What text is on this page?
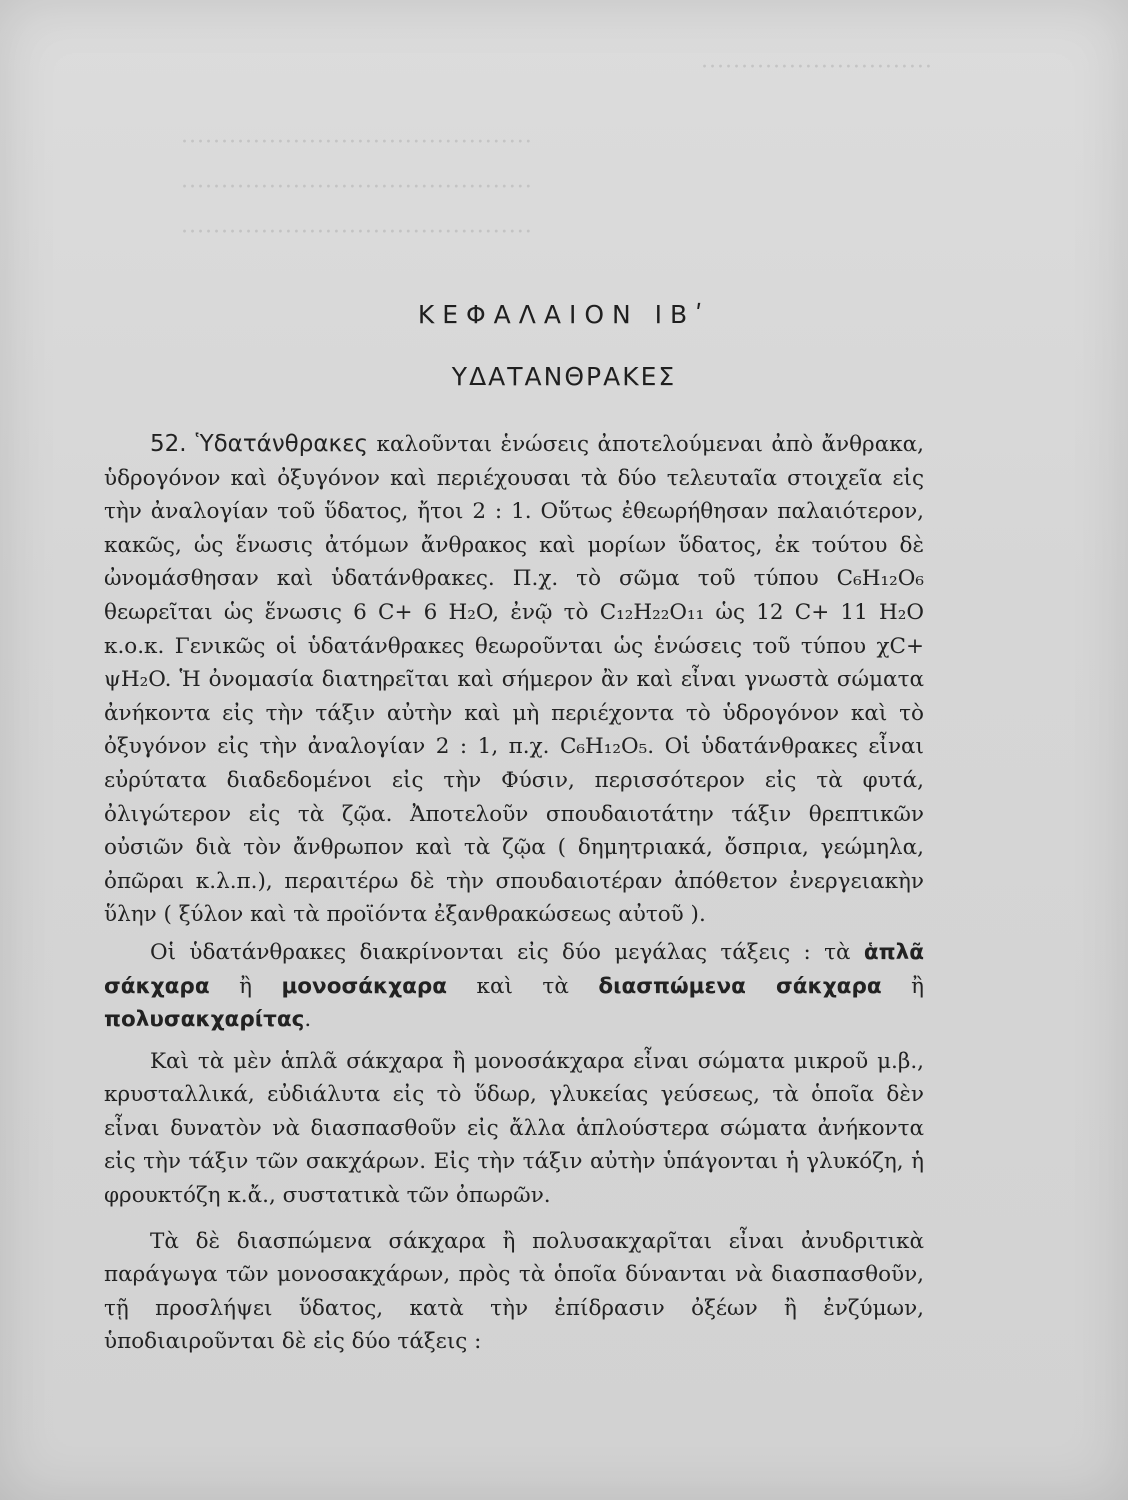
·····························
············································
············································
············································
ΚΕΦΑΛΑΙΟΝ ΙΒʹ
ΥΔΑΤΑΝΘΡΑΚΕΣ

52. Ὑδατάνθρακες καλοῦνται ἑνώσεις ἀποτελούμεναι ἀπὸ ἄνθρακα, ὑδρογόνον καὶ ὀξυγόνον καὶ περιέχουσαι τὰ δύο τελευταῖα στοιχεῖα εἰς τὴν ἀναλογίαν τοῦ ὕδατος, ἤτοι 2 : 1. Οὕτως ἐθεωρήθησαν παλαιότερον, κακῶς, ὡς ἕνωσις ἀτόμων ἄνθρακος καὶ μορίων ὕδατος, ἐκ τούτου δὲ ὠνομάσθησαν καὶ ὑδατάνθρακες. Π.χ. τὸ σῶμα τοῦ τύπου C₆H₁₂O₆ θεωρεῖται ὡς ἕνωσις 6 C+ 6 H₂O, ἐνῷ τὸ C₁₂H₂₂O₁₁ ὡς 12 C+ 11 H₂O κ.ο.κ. Γενικῶς οἱ ὑδατάνθρακες θεωροῦνται ὡς ἑνώσεις τοῦ τύπου χC+ ψH₂O. Ἡ ὀνομασία διατηρεῖται καὶ σήμερον ἂν καὶ εἶναι γνωστὰ σώματα ἀνήκοντα εἰς τὴν τάξιν αὐτὴν καὶ μὴ περιέχοντα τὸ ὑδρογόνον καὶ τὸ ὀξυγόνον εἰς τὴν ἀναλογίαν 2 : 1, π.χ. C₆H₁₂O₅. Οἱ ὑδατάνθρακες εἶναι εὐρύτατα διαδεδομένοι εἰς τὴν Φύσιν, περισσότερον εἰς τὰ φυτά, ὀλιγώτερον εἰς τὰ ζῷα. Ἀποτελοῦν σπουδαιοτάτην τάξιν θρεπτικῶν οὐσιῶν διὰ τὸν ἄνθρωπον καὶ τὰ ζῷα ( δημητριακά, ὄσπρια, γεώμηλα, ὀπῶραι κ.λ.π.), περαιτέρω δὲ τὴν σπουδαιοτέραν ἀπόθετον ἐνεργειακὴν ὕλην ( ξύλον καὶ τὰ προϊόντα ἐξανθρακώσεως αὐτοῦ ).

Οἱ ὑδατάνθρακες διακρίνονται εἰς δύο μεγάλας τάξεις : τὰ ἁπλᾶ σάκχαρα ἢ μονοσάκχαρα καὶ τὰ διασπώμενα σάκχαρα ἢ πολυσακχαρίτας.

Καὶ τὰ μὲν ἁπλᾶ σάκχαρα ἢ μονοσάκχαρα εἶναι σώματα μικροῦ μ.β., κρυσταλλικά, εὐδιάλυτα εἰς τὸ ὕδωρ, γλυκείας γεύσεως, τὰ ὁποῖα δὲν εἶναι δυνατὸν νὰ διασπασθοῦν εἰς ἄλλα ἁπλούστερα σώματα ἀνήκοντα εἰς τὴν τάξιν τῶν σακχάρων. Εἰς τὴν τάξιν αὐτὴν ὑπάγονται ἡ γλυκόζη, ἡ φρουκτόζη κ.ἄ., συστατικὰ τῶν ὀπωρῶν.

Τὰ δὲ διασπώμενα σάκχαρα ἢ πολυσακχαρῖται εἶναι ἀνυδριτικὰ παράγωγα τῶν μονοσακχάρων, πρὸς τὰ ὁποῖα δύνανται νὰ διασπασθοῦν, τῇ προσλήψει ὕδατος, κατὰ τὴν ἐπίδρασιν ὀξέων ἢ ἐνζύμων, ὑποδιαιροῦνται δὲ εἰς δύο τάξεις :
